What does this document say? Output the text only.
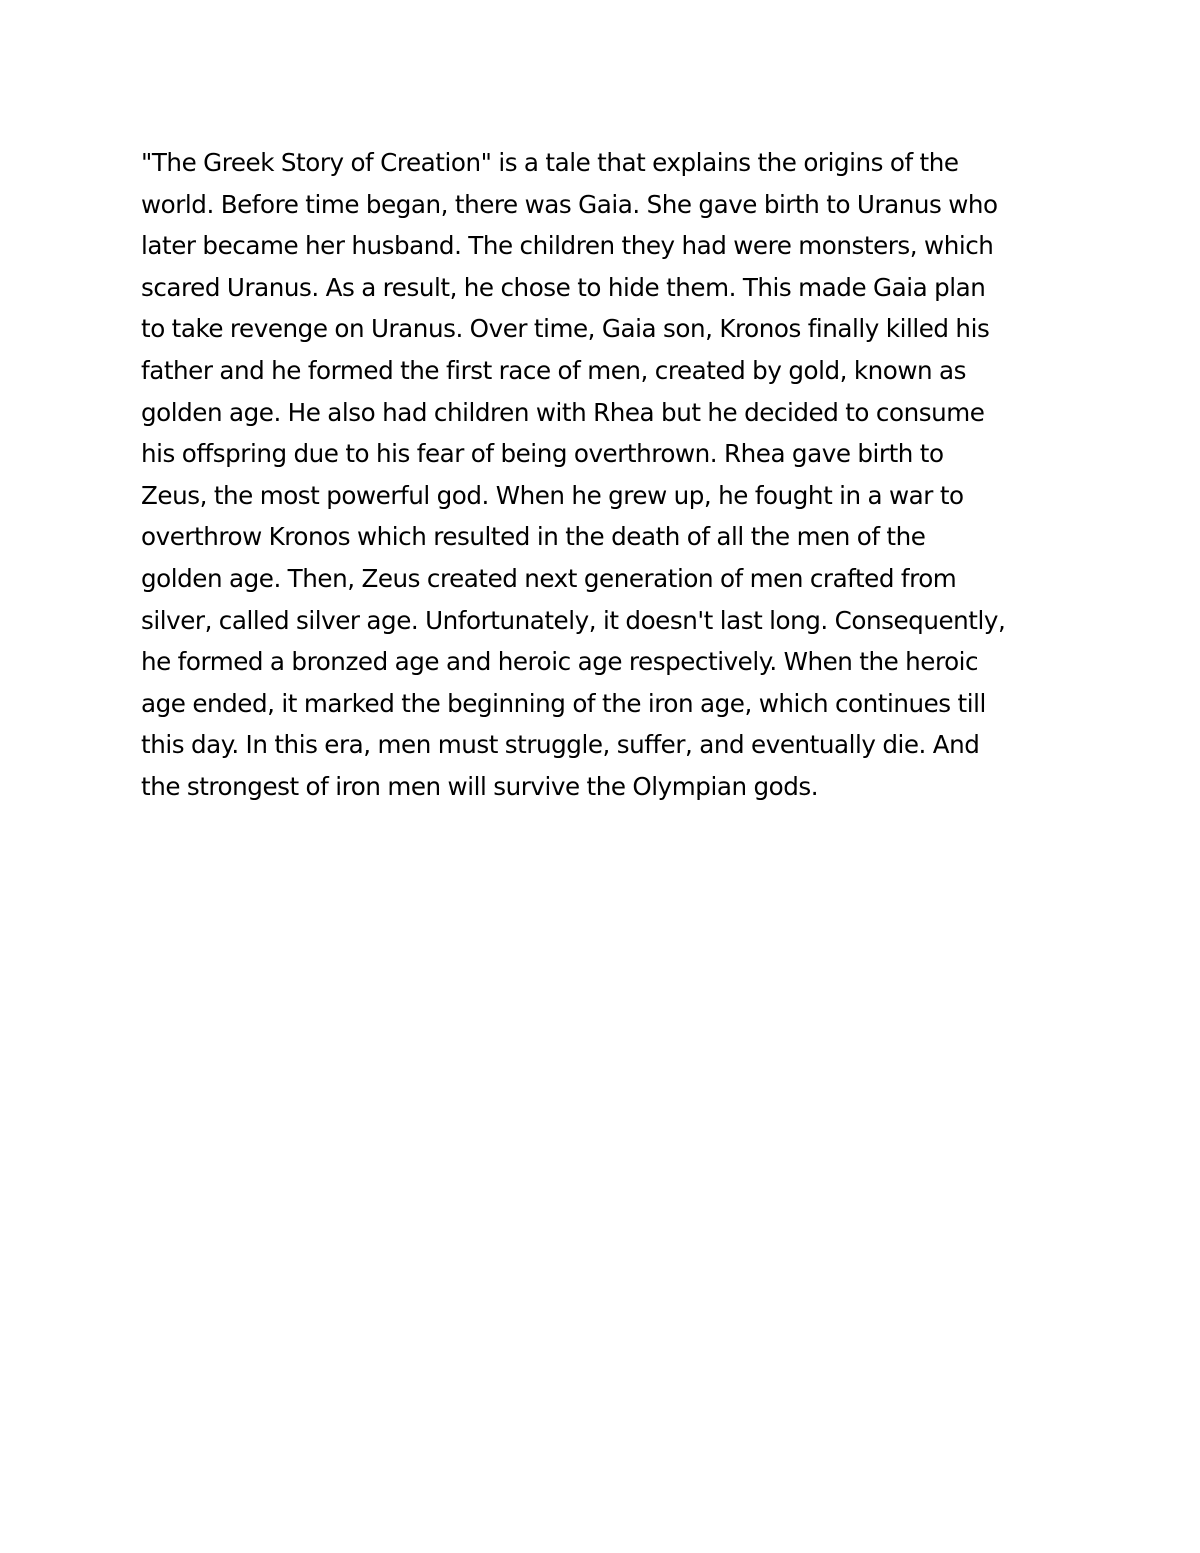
"The Greek Story of Creation" is a tale that explains the origins of the
world. Before time began, there was Gaia. She gave birth to Uranus who
later became her husband. The children they had were monsters, which
scared Uranus. As a result, he chose to hide them. This made Gaia plan
to take revenge on Uranus. Over time, Gaia son, Kronos finally killed his
father and he formed the first race of men, created by gold, known as
golden age. He also had children with Rhea but he decided to consume
his offspring due to his fear of being overthrown. Rhea gave birth to
Zeus, the most powerful god. When he grew up, he fought in a war to
overthrow Kronos which resulted in the death of all the men of the
golden age. Then, Zeus created next generation of men crafted from
silver, called silver age. Unfortunately, it doesn't last long. Consequently,
he formed a bronzed age and heroic age respectively. When the heroic
age ended, it marked the beginning of the iron age, which continues till
this day. In this era, men must struggle, suffer, and eventually die. And
the strongest of iron men will survive the Olympian gods.
